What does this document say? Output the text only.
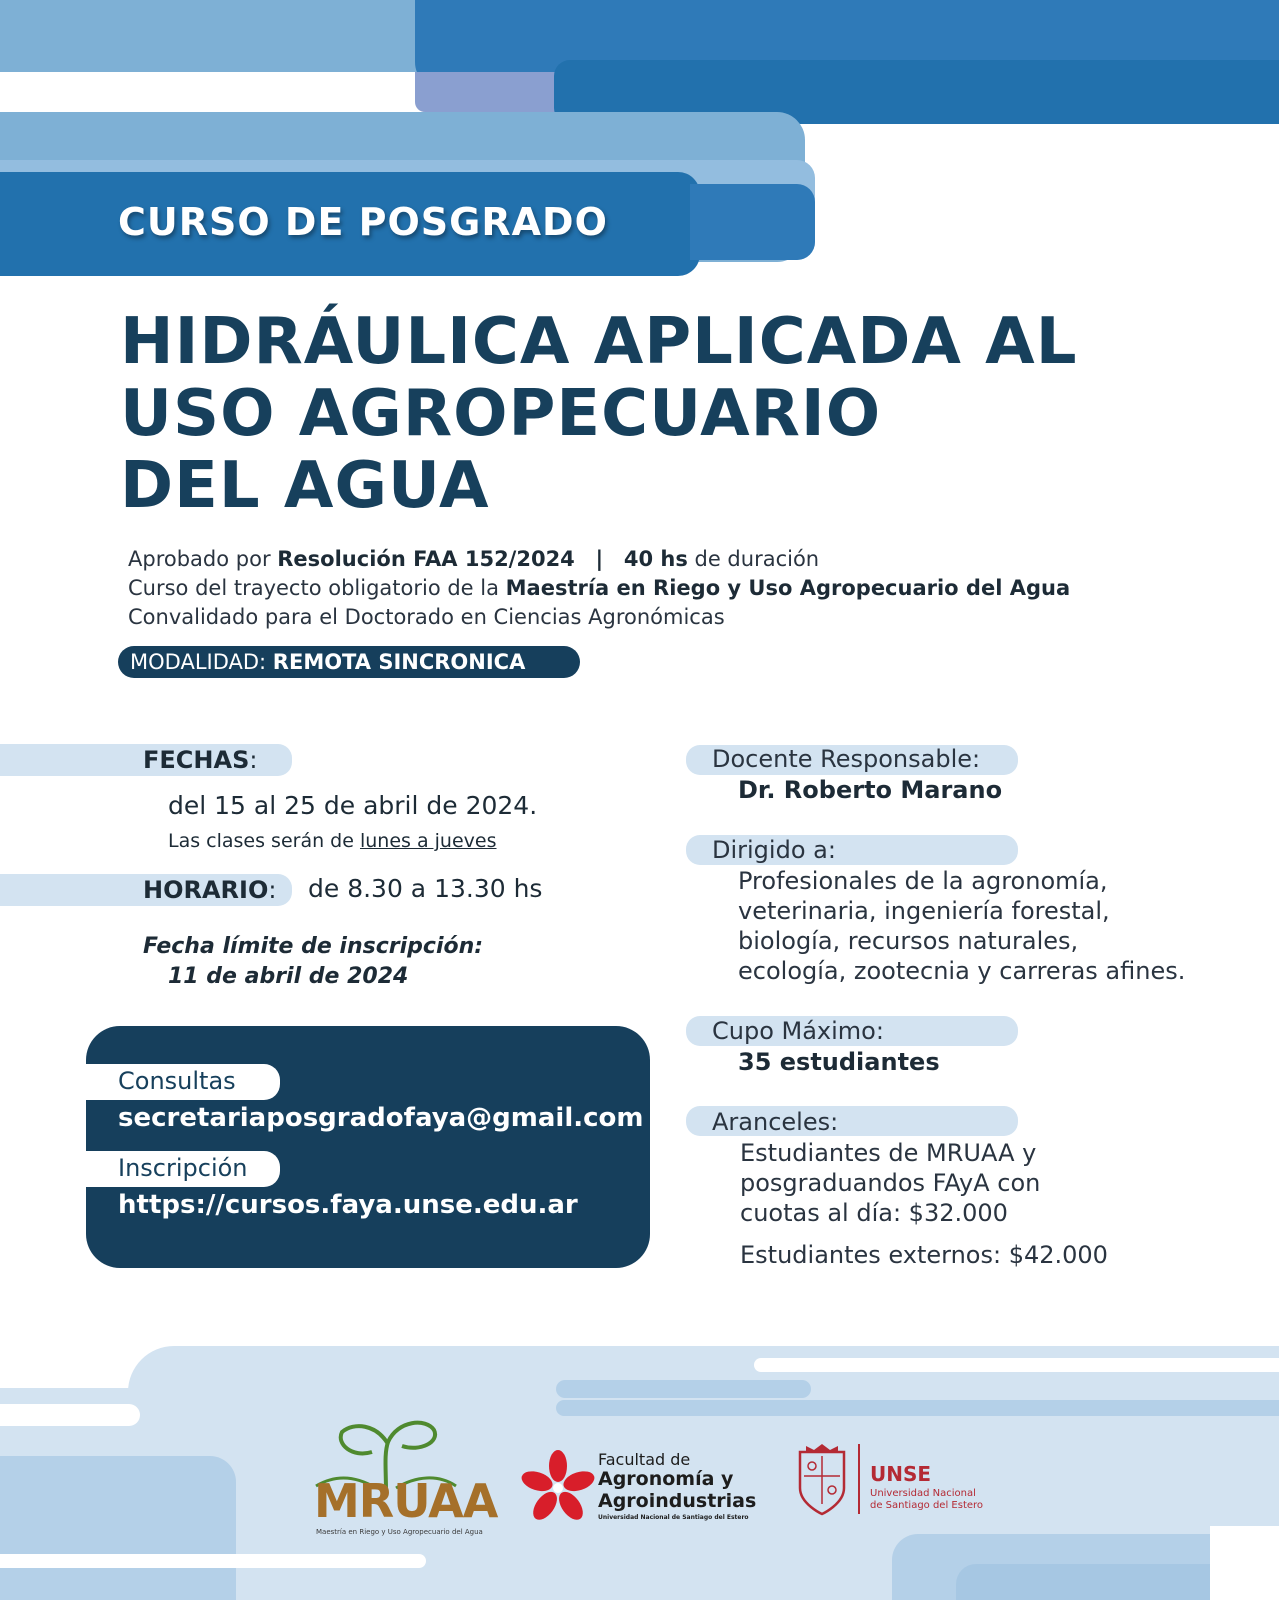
CURSO DE POSGRADO
HIDRÁULICA APLICADA AL
USO AGROPECUARIO
DEL AGUA
Aprobado por Resolución FAA 152/2024 | 40 hs de duración
Curso del trayecto obligatorio de la Maestría en Riego y Uso Agropecuario del Agua
Convalidado para el Doctorado en Ciencias Agronómicas
MODALIDAD: REMOTA SINCRONICA
FECHAS:
del 15 al 25 de abril de 2024.
Las clases serán de lunes a jueves
HORARIO: de 8.30 a 13.30 hs
Fecha límite de inscripción:
11 de abril de 2024
Consultas
secretariaposgradofaya@gmail.com
Inscripción
https://cursos.faya.unse.edu.ar
Docente Responsable:
Dr. Roberto Marano
Dirigido a:
Profesionales de la agronomía,
veterinaria, ingeniería forestal,
biología, recursos naturales,
ecología, zootecnia y carreras afines.
Cupo Máximo:
35 estudiantes
Aranceles:
Estudiantes de MRUAA y
posgraduandos FAyA con
cuotas al día: $32.000
Estudiantes externos: $42.000
MRUAA
Maestría en Riego y Uso Agropecuario del Agua
Facultad de
Agronomía y
Agroindustrias
Universidad Nacional de Santiago del Estero
UNSE
Universidad Nacional
de Santiago del Estero
